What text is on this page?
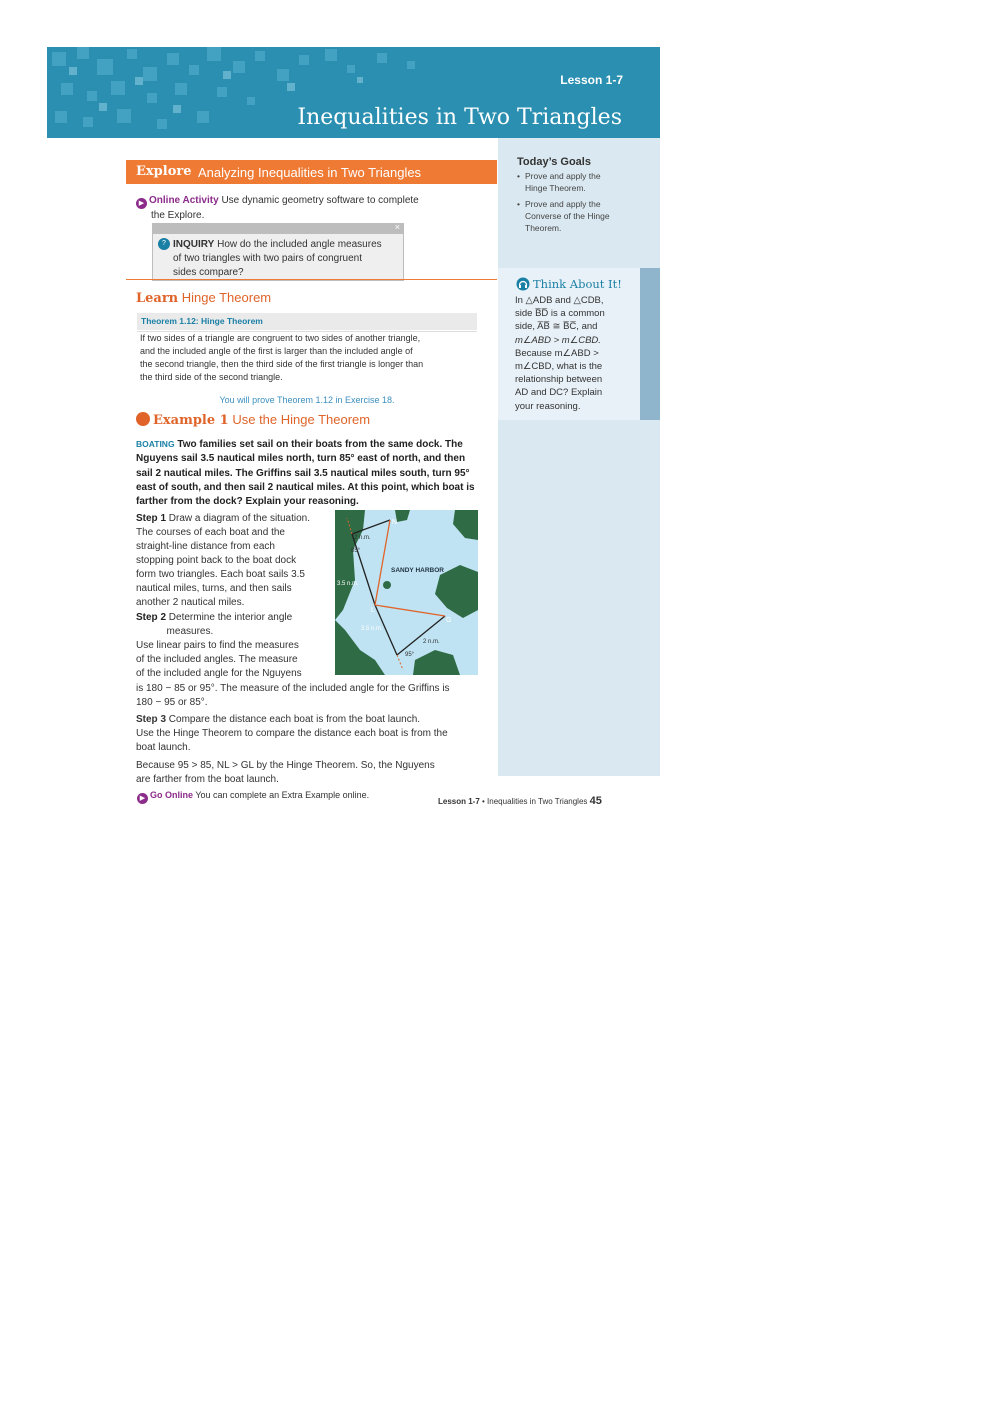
Lesson 1-7
Inequalities in Two Triangles
Today’s Goals
• Prove and apply the
Hinge Theorem.
• Prove and apply the
Converse of the Hinge
Theorem.
Think About It!
In △ADB and △CDB,
side B̅D̅ is a common
side, A̅B̅ ≅ B̅C̅, and
m∠ABD > m∠CBD.
Because m∠ABD >
m∠CBD, what is the
relationship between
AD and DC? Explain
your reasoning.
Explore Analyzing Inequalities in Two Triangles
▶ Online Activity Use dynamic geometry software to complete
the Explore.
×
? INQUIRY How do the included angle measures
of two triangles with two pairs of congruent
sides compare?
Learn Hinge Theorem
Theorem 1.12: Hinge Theorem
If two sides of a triangle are congruent to two sides of another triangle,
and the included angle of the first is larger than the included angle of
the second triangle, then the third side of the first triangle is longer than
the third side of the second triangle.
You will prove Theorem 1.12 in Exercise 18.
Example 1 Use the Hinge Theorem
BOATING Two families set sail on their boats from the same dock. The
Nguyens sail 3.5 nautical miles north, turn 85° east of north, and then
sail 2 nautical miles. The Griffins sail 3.5 nautical miles south, turn 95°
east of south, and then sail 2 nautical miles. At this point, which boat is
farther from the dock? Explain your reasoning.
Step 1 Draw a diagram of the situation.
The courses of each boat and the
straight-line distance from each
stopping point back to the boat dock
form two triangles. Each boat sails 3.5
nautical miles, turns, and then sails
another 2 nautical miles.
Step 2 Determine the interior angle
measures.
Use linear pairs to find the measures
of the included angles. The measure
of the included angle for the Nguyens
is 180 − 85 or 95°. The measure of the included angle for the Griffins is
180 − 95 or 85°.
Step 3 Compare the distance each boat is from the boat launch.
Use the Hinge Theorem to compare the distance each boat is from the
boat launch.
Because 95 > 85, NL > GL by the Hinge Theorem. So, the Nguyens
are farther from the boat launch.
N
L
G
SANDY HARBOR
2 n.m.
85°
3.5 n.m.
3.5 n.m.
2 n.m.
95°
▶ Go Online You can complete an Extra Example online.
Lesson 1-7 • Inequalities in Two Triangles 45
